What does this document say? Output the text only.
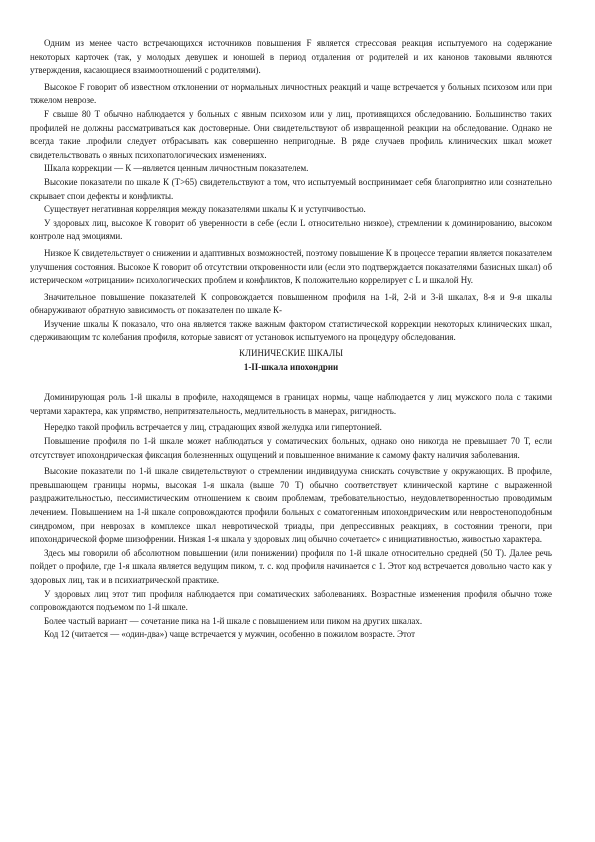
Одним из менее часто встречающихся источников повышения F является стрессовая реакция испытуемого на содержание некоторых карточек (так, у молодых девушек и юношей в период отдаления от родителей и их канонов таковыми являются утверждения, касающиеся взаимоотношений с родителями).

Высокое F говорит об известном отклонении от нормальных личностных реакций и чаще встречается у больных психозом или при тяжелом неврозе.

F свыше 80 Т обычно наблюдается у больных с явным психозом или у лиц, противящихся обследованию. Большинство таких профилей не должны рассматриваться как достоверные. Они свидетельствуют об извращенной реакции на обследование. Однако не всегда такие .профили следует отбрасывать как совершенно непригодные. В ряде случаев профиль клинических шкал может свидетельствовать о явных психопатологических изменениях.

Шкала коррекции — К —является ценным личностным показателем.

Высокие показатели по шкале К (Т>65) свидетельствуют а том, что испытуемый воспринимает себя благоприятно или сознательно скрывает спои дефекты и конфликты.

Существует негативная корреляция между показателями шкалы К и уступчивостью.

У здоровых лиц, высокое К говорит об уверенности в себе (если L относительно низкое), стремлении к доминированию, высоком контроле над эмоциями.

Низкое К свидетельствует о снижении и адаптивных возможностей, поэтому повышение К в процессе терапии является показателем улучшения состояния. Высокое К говорит об отсутствии откровенности или (если это подтверждается показателями базисных шкал) об истерическом «отрицании» психологических проблем и конфликтов, К положительно коррелирует с L и шкалой Ну.

Значительное повышение показателей К сопровождается повышенном профиля на 1-й, 2-й и 3-й шкалах, 8-я и 9-я шкалы обнаруживают обратную зависимость от показателен по шкале К-

Изучение шкалы К показало, что она является также важным фактором статистической коррекции некоторых клинических шкал, сдерживающим тс колебания профиля, которые зависят от установок испытуемого на процедуру обследования.

КЛИНИЧЕСКИЕ ШКАЛЫ

1-II-шкала ипохондрии

Доминирующая роль 1-й шкалы в профиле, находящемся в границах нормы, чаще наблюдается у лиц мужского пола с такими чертами характера, как упрямство, непритязательность, медлительность в манерах, ригидность.

Нередко такой профиль встречается у лиц, страдающих язвой желудка или гипертонией.

Повышение профиля по 1-й шкале может наблюдаться у соматических больных, однако оно никогда не превышает 70 Т, если отсутствует ипохондрическая фиксация болезненных ощущений и повышенное внимание к самому факту наличия заболевания.

Высокие показатели по 1-й шкале свидетельствуют о стремлении индивидуума снискать сочувствие у окружающих. В профиле, превышающем границы нормы, высокая 1-я шкала (выше 70 Т) обычно соответствует клинической картине с выраженной раздражительностью, пессимистическим отношением к своим проблемам, требовательностью, неудовлетворенностью проводимым лечением. Повышением на 1-й шкале сопровождаются профили больных с соматогенным ипохондрическим или невростеноподобным синдромом, при неврозах в комплексе шкал невротической триады, при депрессивных реакциях, в состоянии треноги, при ипохондрической форме шизофрении. Низкая 1-я шкала у здоровых лиц обычно сочетаетс» с инициативностью, живостью характера.

Здесь мы говорили об абсолютном повышении (или понижении) профиля по 1-й шкале относительно средней (50 Т). Далее речь пойдет о профиле, где 1-я шкала является ведущим пиком, т. с. код профиля начинается с 1. Этот код встречается довольно часто как у здоровых лиц, так и в психиатрической практике.

У здоровых лиц этот тип профиля наблюдается при соматических заболеваниях. Возрастные изменения профиля обычно тоже сопровождаются подъемом по 1-й шкале.

Более частый вариант — сочетание пика на 1-й шкале с повышением или пиком на других шкалах.

Код 12 (читается — «один-два») чаще встречается у мужчин, особенно в пожилом возрасте. Этот
